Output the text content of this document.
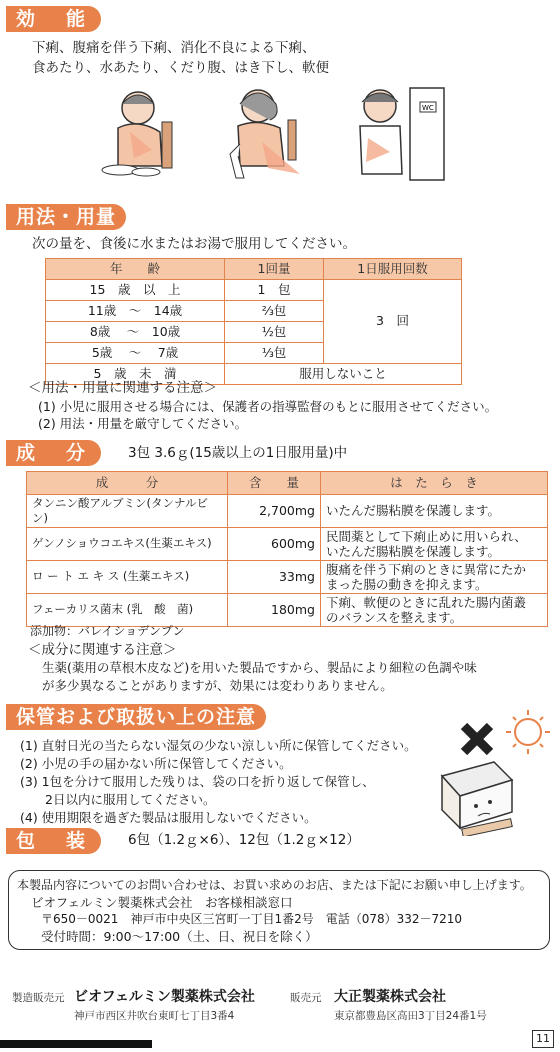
効　能
下痢、腹痛を伴う下痢、消化不良による下痢、
食あたり、水あたり、くだり腹、はき下し、軟便
WC
用法・用量
次の量を、食後に水またはお湯で服用してください。
年　　齢	1回量	1日服用回数
15　歳　以　上	1　包	3　回
11歳　～　14歳	⅔包	
8歳　 ～　10歳	½包	
5歳　 ～　 7歳	⅓包	
5　歳　未　満	服用しないこと	
＜用法・用量に関連する注意＞
(1) 小児に服用させる場合には、保護者の指導監督のもとに服用させてください。
(2) 用法・用量を厳守してください。
成　分	3包 3.6ｇ(15歳以上の1日服用量)中
成　　　分	含　　量	は　た　ら　き
タンニン酸アルブミン(タンナルビン)	2,700mg	いたんだ腸粘膜を保護します。

ゲンノショウコエキス(生薬エキス)	600mg	民間薬として下痢止めに用いられ、
いたんだ腸粘膜を保護します。

ロ ー ト エ キ ス (生薬エキス)	33mg	腹痛を伴う下痢のときに異常にたか
まった腸の動きを抑えます。

フェーカリス菌末 (乳　酸　菌)	180mg	下痢、軟便のときに乱れた腸内菌叢
のバランスを整えます。
添加物：バレイショデンプン
＜成分に関連する注意＞
生薬(薬用の草根木皮など)を用いた製品ですから、製品により細粒の色調や味
が多少異なることがありますが、効果には変わりありません。
保管および取扱い上の注意
(1) 直射日光の当たらない湿気の少ない涼しい所に保管してください。
(2) 小児の手の届かない所に保管してください。
(3) 1包を分けて服用した残りは、袋の口を折り返して保管し、
　　2日以内に服用してください。
(4) 使用期限を過ぎた製品は服用しないでください。
包　装	6包（1.2ｇ×6）、12包（1.2ｇ×12）
本製品内容についてのお問い合わせは、お買い求めのお店、または下記にお願い申し上げます。
ビオフェルミン製薬株式会社　お客様相談窓口
〒650－0021　神戸市中央区三宮町一丁目1番2号　電話（078）332－7210
受付時間：9:00～17:00（土、日、祝日を除く）
製造販売元 ビオフェルミン製薬株式会社
神戸市西区井吹台東町七丁目3番4
販売元 大正製薬株式会社
東京都豊島区高田3丁目24番1号
11
